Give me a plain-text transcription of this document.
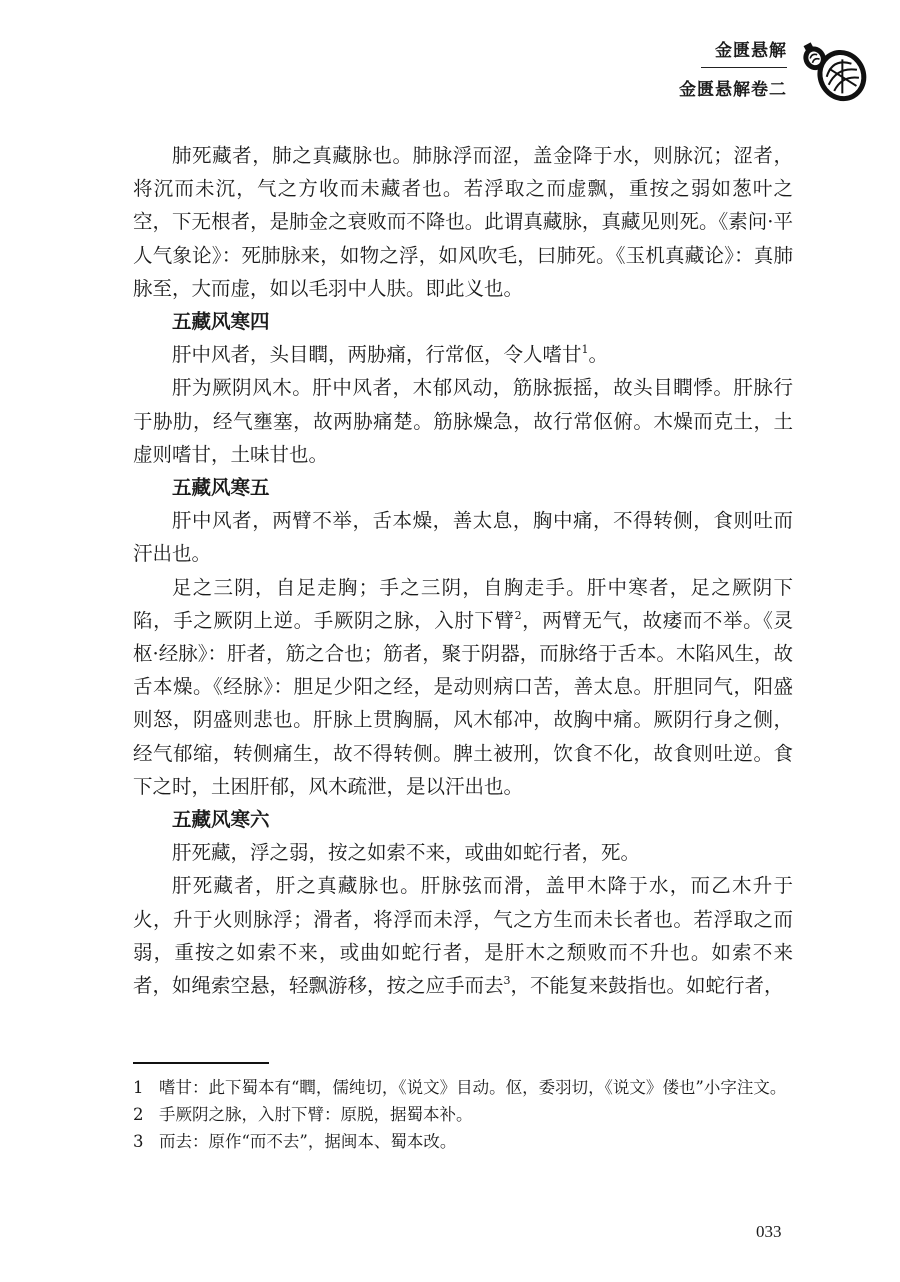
金匮悬解
金匮悬解卷二

肺死藏者，肺之真藏脉也。肺脉浮而涩，盖金降于水，则脉沉；涩者，将沉而未沉，气之方收而未藏者也。若浮取之而虚飘，重按之弱如葱叶之空，下无根者，是肺金之衰败而不降也。此谓真藏脉，真藏见则死。《素问·平人气象论》：死肺脉来，如物之浮，如风吹毛，曰肺死。《玉机真藏论》：真肺脉至，大而虚，如以毛羽中人肤。即此义也。

五藏风寒四

肝中风者，头目瞤，两胁痛，行常伛，令人嗜甘$^1$。

肝为厥阴风木。肝中风者，木郁风动，筋脉振摇，故头目瞤悸。肝脉行于胁肋，经气壅塞，故两胁痛楚。筋脉燥急，故行常伛俯。木燥而克土，土虚则嗜甘，土味甘也。

五藏风寒五

肝中风者，两臂不举，舌本燥，善太息，胸中痛，不得转侧，食则吐而汗出也。

足之三阴，自足走胸；手之三阴，自胸走手。肝中寒者，足之厥阴下陷，手之厥阴上逆。手厥阴之脉，入肘下臂$^2$，两臂无气，故痿而不举。《灵枢·经脉》：肝者，筋之合也；筋者，聚于阴器，而脉络于舌本。木陷风生，故舌本燥。《经脉》：胆足少阳之经，是动则病口苦，善太息。肝胆同气，阳盛则怒，阴盛则悲也。肝脉上贯胸膈，风木郁冲，故胸中痛。厥阴行身之侧，经气郁缩，转侧痛生，故不得转侧。脾土被刑，饮食不化，故食则吐逆。食下之时，土困肝郁，风木疏泄，是以汗出也。

五藏风寒六

肝死藏，浮之弱，按之如索不来，或曲如蛇行者，死。

肝死藏者，肝之真藏脉也。肝脉弦而滑，盖甲木降于水，而乙木升于火，升于火则脉浮；滑者，将浮而未浮，气之方生而未长者也。若浮取之而弱，重按之如索不来，或曲如蛇行者，是肝木之颓败而不升也。如索不来者，如绳索空悬，轻飘游移，按之应手而去$^3$，不能复来鼓指也。如蛇行者，

1 嗜甘：此下蜀本有“瞤，儒纯切，《说文》目动。伛，委羽切，《说文》偻也”小字注文。
2 手厥阴之脉，入肘下臂：原脱，据蜀本补。
3 而去：原作“而不去”，据闽本、蜀本改。
033
